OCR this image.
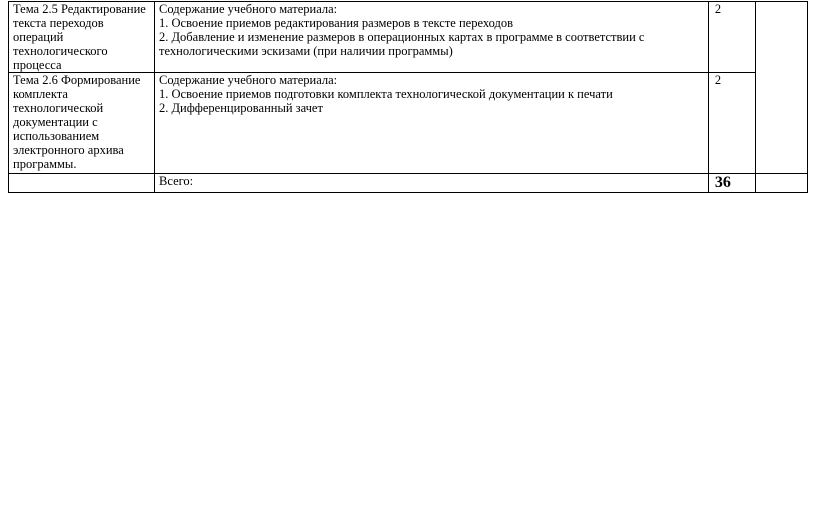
Тема 2.5 Редактирование текста переходов операций технологического процесса	Содержание учебного материала:
1. Освоение приемов редактирования размеров в тексте переходов
2. Добавление и изменение размеров в операционных картах в программе в соответствии с технологическими эскизами (при наличии программы)	2	
Тема 2.6 Формирование комплекта технологической документации с использованием электронного архива программы.	Содержание учебного материала:
1. Освоение приемов подготовки комплекта технологической документации к печати
2. Дифференцированный зачет	2	
	Всего:	36	
